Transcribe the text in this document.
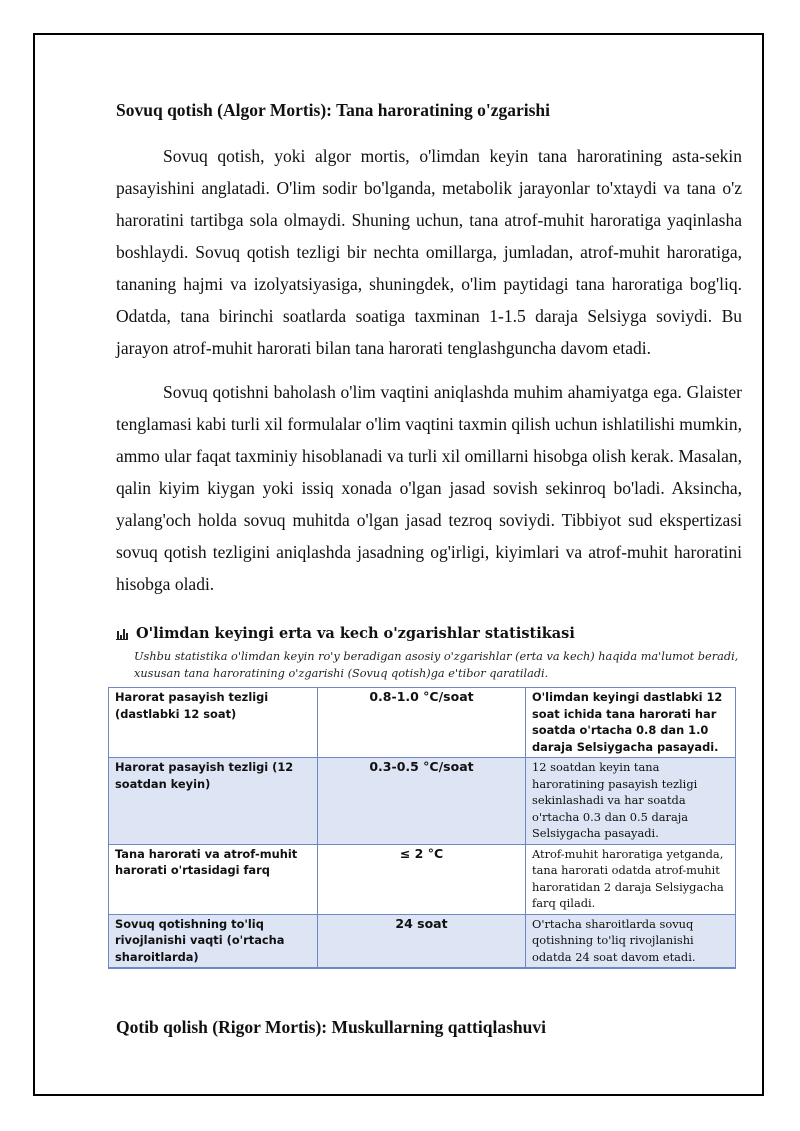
Sovuq qotish (Algor Mortis): Tana haroratining o'zgarishi

Sovuq qotish, yoki algor mortis, o'limdan keyin tana haroratining asta-sekin pasayishini anglatadi. O'lim sodir bo'lganda, metabolik jarayonlar to'xtaydi va tana o'z haroratini tartibga sola olmaydi. Shuning uchun, tana atrof-muhit haroratiga yaqinlasha boshlaydi. Sovuq qotish tezligi bir nechta omillarga, jumladan, atrof-muhit haroratiga, tananing hajmi va izolyatsiyasiga, shuningdek, o'lim paytidagi tana haroratiga bog'liq. Odatda, tana birinchi soatlarda soatiga taxminan 1-1.5 daraja Selsiyga soviydi. Bu jarayon atrof-muhit harorati bilan tana harorati tenglashguncha davom etadi.

Sovuq qotishni baholash o'lim vaqtini aniqlashda muhim ahamiyatga ega. Glaister tenglamasi kabi turli xil formulalar o'lim vaqtini taxmin qilish uchun ishlatilishi mumkin, ammo ular faqat taxminiy hisoblanadi va turli xil omillarni hisobga olish kerak. Masalan, qalin kiyim kiygan yoki issiq xonada o'lgan jasad sovish sekinroq bo'ladi. Aksincha, yalang'och holda sovuq muhitda o'lgan jasad tezroq soviydi. Tibbiyot sud ekspertizasi sovuq qotish tezligini aniqlashda jasadning og'irligi, kiyimlari va atrof-muhit haroratini hisobga oladi.

O'limdan keyingi erta va kech o'zgarishlar statistikasi
Ushbu statistika o'limdan keyin ro'y beradigan asosiy o'zgarishlar (erta va kech) haqida ma'lumot beradi, xususan tana haroratining o'zgarishi (Sovuq qotish)ga e'tibor qaratiladi.
Harorat pasayish tezligi (dastlabki 12 soat)	0.8-1.0 °C/soat	O'limdan keyingi dastlabki 12 soat ichida tana harorati har soatda o'rtacha 0.8 dan 1.0 daraja Selsiygacha pasayadi.
Harorat pasayish tezligi (12 soatdan keyin)	0.3-0.5 °C/soat	12 soatdan keyin tana haroratining pasayish tezligi sekinlashadi va har soatda o'rtacha 0.3 dan 0.5 daraja Selsiygacha pasayadi.
Tana harorati va atrof-muhit harorati o'rtasidagi farq	≤ 2 °C	Atrof-muhit haroratiga yetganda, tana harorati odatda atrof-muhit haroratidan 2 daraja Selsiygacha farq qiladi.
Sovuq qotishning to'liq rivojlanishi vaqti (o'rtacha sharoitlarda)	24 soat	O'rtacha sharoitlarda sovuq qotishning to'liq rivojlanishi odatda 24 soat davom etadi.
Qotib qolish (Rigor Mortis): Muskullarning qattiqlashuvi
